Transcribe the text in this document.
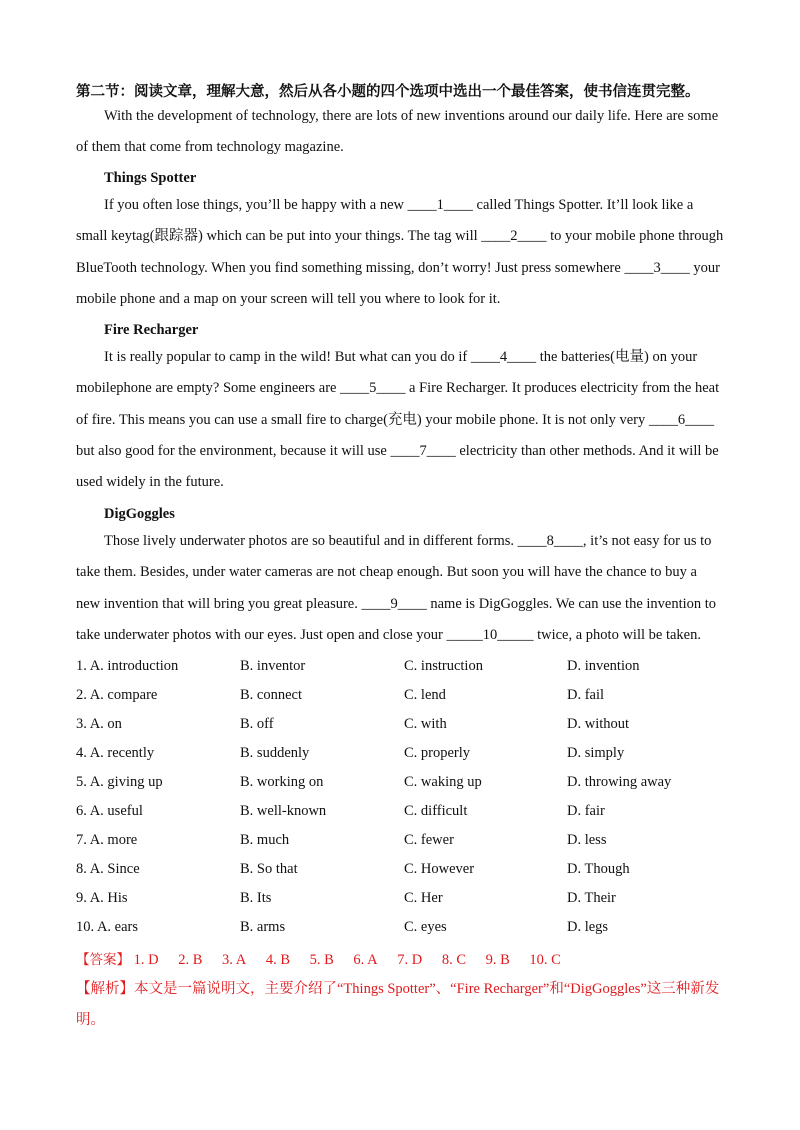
第二节：阅读文章，理解大意，然后从各小题的四个选项中选出一个最佳答案，使书信连贯完整。

With the development of technology, there are lots of new inventions around our daily life. Here are some of them that come from technology magazine.

Things Spotter

If you often lose things, you’ll be happy with a new ____1____ called Things Spotter. It’ll look like a small keytag(跟踪器) which can be put into your things. The tag will ____2____ to your mobile phone through BlueTooth technology. When you find something missing, don’t worry! Just press somewhere ____3____ your mobile phone and a map on your screen will tell you where to look for it.

Fire Recharger

It is really popular to camp in the wild! But what can you do if ____4____ the batteries(电量) on your mobilephone are empty? Some engineers are ____5____ a Fire Recharger. It produces electricity from the heat of fire. This means you can use a small fire to charge(充电) your mobile phone. It is not only very ____6____ but also good for the environment, because it will use ____7____ electricity than other methods. And it will be used widely in the future.

DigGoggles

Those lively underwater photos are so beautiful and in different forms. ____8____, it’s not easy for us to take them. Besides, under water cameras are not cheap enough. But soon you will have the chance to buy a new invention that will bring you great pleasure. ____9____ name is DigGoggles. We can use the invention to take underwater photos with our eyes. Just open and close your _____10_____ twice, a photo will be taken.

1. A. introduction	B. inventor	C. instruction	D. invention
2. A. compare	B. connect	C. lend	D. fail
3. A. on	B. off	C. with	D. without
4. A. recently	B. suddenly	C. properly	D. simply
5. A. giving up	B. working on	C. waking up	D. throwing away
6. A. useful	B. well-known	C. difficult	D. fair
7. A. more	B. much	C. fewer	D. less
8. A. Since	B. So that	C. However	D. Though
9. A. His	B. Its	C. Her	D. Their
10. A. ears	B. arms	C. eyes	D. legs
【答案】 1. D 2. B 3. A 4. B 5. B 6. A 7. D 8. C 9. B 10. C

【解析】本文是一篇说明文，主要介绍了“Things Spotter”、“Fire Recharger”和“DigGoggles”这三种新发明。
